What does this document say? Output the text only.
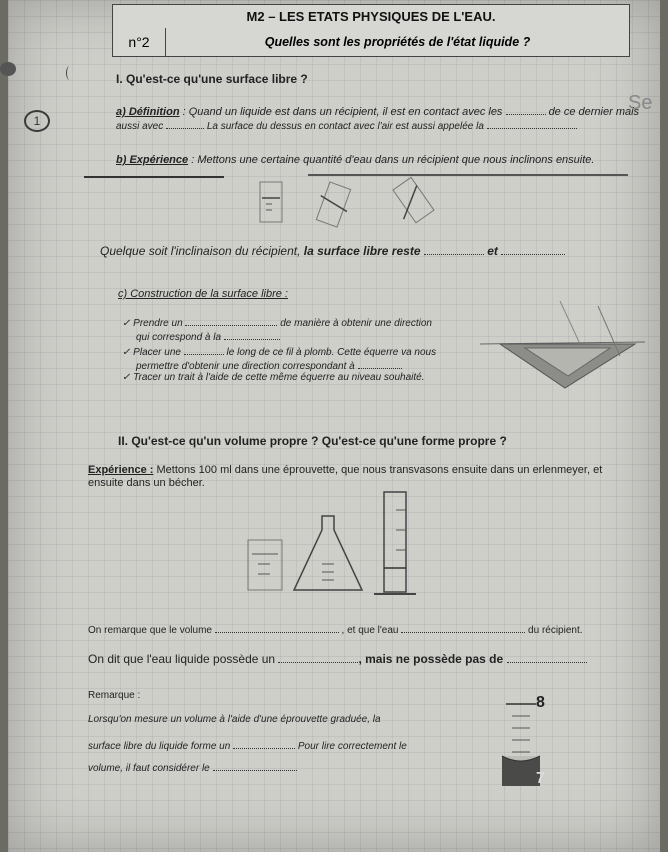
M2 – LES ETATS PHYSIQUES DE L'EAU.
n°2	Quelles sont les propriétés de l'état liquide ?
1
Se
I. Qu'est-ce qu'une surface libre ?
a) Définition : Quand un liquide est dans un récipient, il est en contact avec les	de ce dernier mais
aussi avec	La surface du dessus en contact avec l'air est aussi appelée la
b) Expérience : Mettons une certaine quantité d'eau dans un récipient que nous inclinons ensuite.
Quelque soit l'inclinaison du récipient, la surface libre reste	et
c) Construction de la surface libre :
✓ Prendre un	de manière à obtenir une direction
qui correspond à la
✓ Placer une	le long de ce fil à plomb. Cette équerre va nous
permettre d'obtenir une direction correspondant à
✓ Tracer un trait à l'aide de cette même équerre au niveau souhaité.
II. Qu'est-ce qu'un volume propre ? Qu'est-ce qu'une forme propre ?
Expérience : Mettons 100 ml dans une éprouvette, que nous transvasons ensuite dans un erlenmeyer, et
ensuite dans un bécher.
On remarque que le volume	, et que l'eau	du récipient.
On dit que l'eau liquide possède un	, mais ne possède pas de
Remarque :
Lorsqu'on mesure un volume à l'aide d'une éprouvette graduée, la
surface libre du liquide forme un	Pour lire correctement le
volume, il faut considérer le
8
7
